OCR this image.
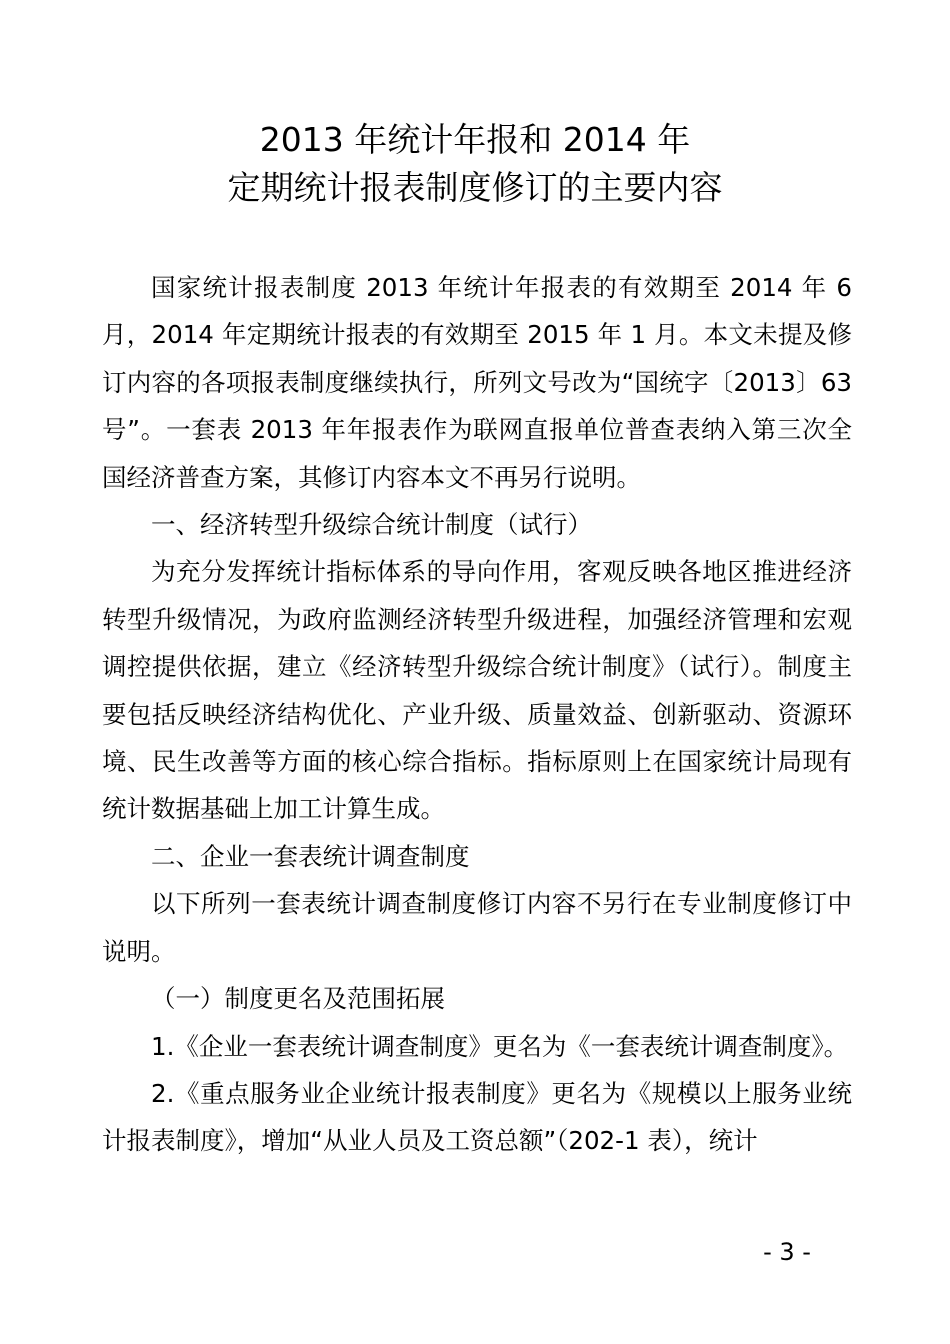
2013 年统计年报和 2014 年
定期统计报表制度修订的主要内容

国家统计报表制度 2013 年统计年报表的有效期至 2014 年 6 月，2014 年定期统计报表的有效期至 2015 年 1 月。本文未提及修订内容的各项报表制度继续执行，所列文号改为“国统字〔2013〕63 号”。一套表 2013 年年报表作为联网直报单位普查表纳入第三次全国经济普查方案，其修订内容本文不再另行说明。

一、经济转型升级综合统计制度（试行）

为充分发挥统计指标体系的导向作用，客观反映各地区推进经济转型升级情况，为政府监测经济转型升级进程，加强经济管理和宏观调控提供依据，建立《经济转型升级综合统计制度》（试行）。制度主要包括反映经济结构优化、产业升级、质量效益、创新驱动、资源环境、民生改善等方面的核心综合指标。指标原则上在国家统计局现有统计数据基础上加工计算生成。

二、企业一套表统计调查制度

以下所列一套表统计调查制度修订内容不另行在专业制度修订中说明。

（一）制度更名及范围拓展

1.《企业一套表统计调查制度》更名为《一套表统计调查制度》。

2.《重点服务业企业统计报表制度》更名为《规模以上服务业统计报表制度》，增加“从业人员及工资总额”（202-1 表），统计

- 3 -
